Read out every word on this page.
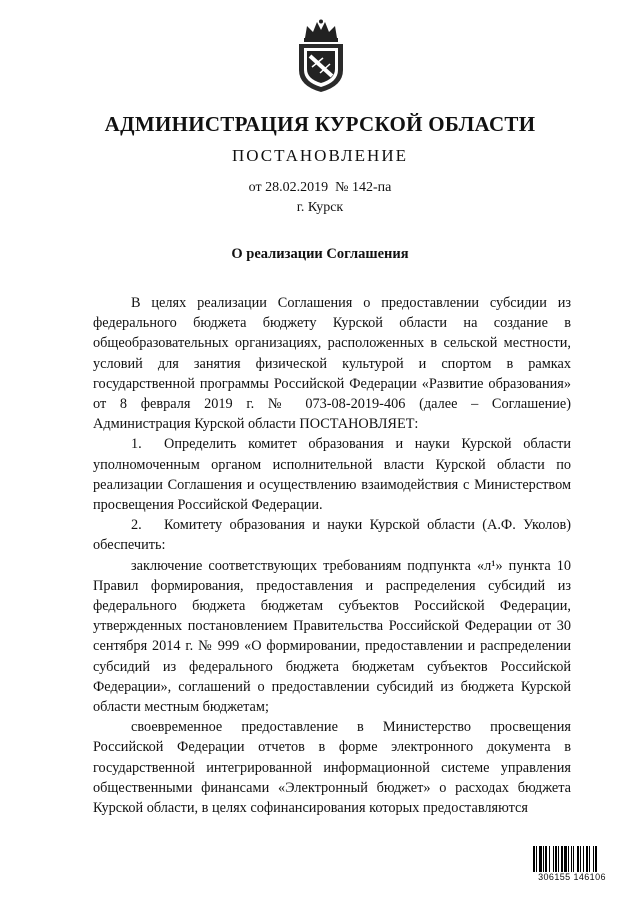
АДМИНИСТРАЦИЯ КУРСКОЙ ОБЛАСТИ
ПОСТАНОВЛЕНИЕ
от 28.02.2019  № 142-па
г. Курск
О реализации Соглашения

В целях реализации Соглашения о предоставлении субсидии из федерального бюджета бюджету Курской области на создание в общеобразовательных организациях, расположенных в сельской местности, условий для занятия физической культурой и спортом в рамках государственной программы Российской Федерации «Развитие образования» от 8 февраля 2019 г. № 073-08-2019-406 (далее – Соглашение) Администрация Курской области ПОСТАНОВЛЯЕТ:

1. Определить комитет образования и науки Курской области уполномоченным органом исполнительной власти Курской области по реализации Соглашения и осуществлению взаимодействия с Министерством просвещения Российской Федерации.

2. Комитету образования и науки Курской области (А.Ф. Уколов) обеспечить:

заключение соответствующих требованиям подпункта «л¹» пункта 10 Правил формирования, предоставления и распределения субсидий из федерального бюджета бюджетам субъектов Российской Федерации, утвержденных постановлением Правительства Российской Федерации от 30 сентября 2014 г. № 999 «О формировании, предоставлении и распределении субсидий из федерального бюджета бюджетам субъектов Российской Федерации», соглашений о предоставлении субсидий из бюджета Курской области местным бюджетам;

своевременное предоставление в Министерство просвещения Российской Федерации отчетов в форме электронного документа в государственной интегрированной информационной системе управления общественными финансами «Электронный бюджет» о расходах бюджета Курской области, в целях софинансирования которых предоставляются

306155 146106
